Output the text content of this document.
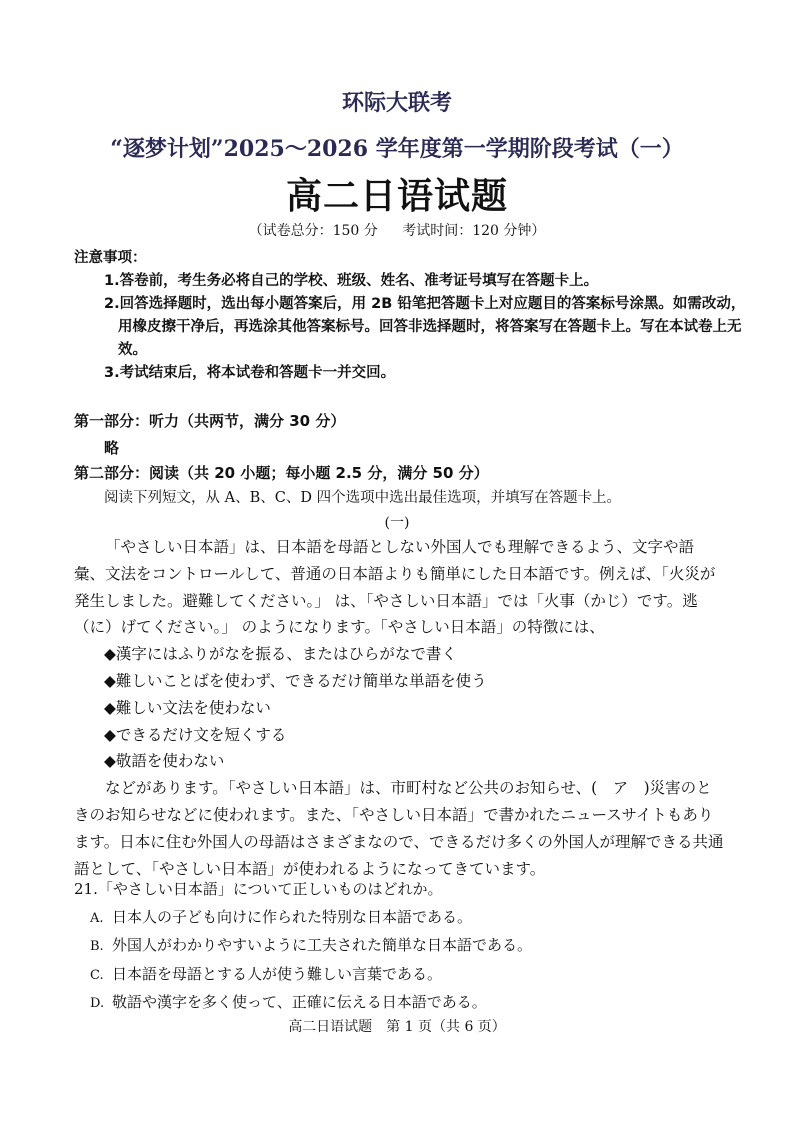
环际大联考
“逐梦计划”2025～2026 学年度第一学期阶段考试（一）
高二日语试题
（试卷总分：150 分 考试时间：120 分钟）
注意事项：
1.答卷前，考生务必将自己的学校、班级、姓名、准考证号填写在答题卡上。
2.回答选择题时，选出每小题答案后，用 2B 铅笔把答题卡上对应题目的答案标号涂黑。如需改动，用橡皮擦干净后，再选涂其他答案标号。回答非选择题时，将答案写在答题卡上。写在本试卷上无效。
3.考试结束后，将本试卷和答题卡一并交回。
第一部分：听力（共两节，满分 30 分）
略
第二部分：阅读（共 20 小题；每小题 2.5 分，满分 50 分）
阅读下列短文，从 A、B、C、D 四个选项中选出最佳选项，并填写在答题卡上。
(一)

「やさしい日本語」は、日本語を母語としない外国人でも理解できるよう、文字や語彙、文法をコントロールして、普通の日本語よりも簡単にした日本語です。例えば、「火災が発生しました。避難してください。」 は、「やさしい日本語」では「火事（かじ）です。逃（に）げてください。」 のようになります。「やさしい日本語」の特徴には、

◆漢字にはふりがなを振る、またはひらがなで書く
◆難しいことばを使わず、できるだけ簡単な単語を使う
◆難しい文法を使わない
◆できるだけ文を短くする
◆敬語を使わない

などがあります。「やさしい日本語」は、市町村など公共のお知らせ、(　ア　)災害のときのお知らせなどに使われます。また、「やさしい日本語」で書かれたニュースサイトもあります。日本に住む外国人の母語はさまざまなので、できるだけ多くの外国人が理解できる共通語として、「やさしい日本語」が使われるようになってきています。

21.「やさしい日本語」について正しいものはどれか。
A. 日本人の子ども向けに作られた特別な日本語である。
B. 外国人がわかりやすいように工夫された簡単な日本語である。
C. 日本語を母語とする人が使う難しい言葉である。
D. 敬語や漢字を多く使って、正確に伝える日本語である。
高二日语试题　第 1 页（共 6 页）
